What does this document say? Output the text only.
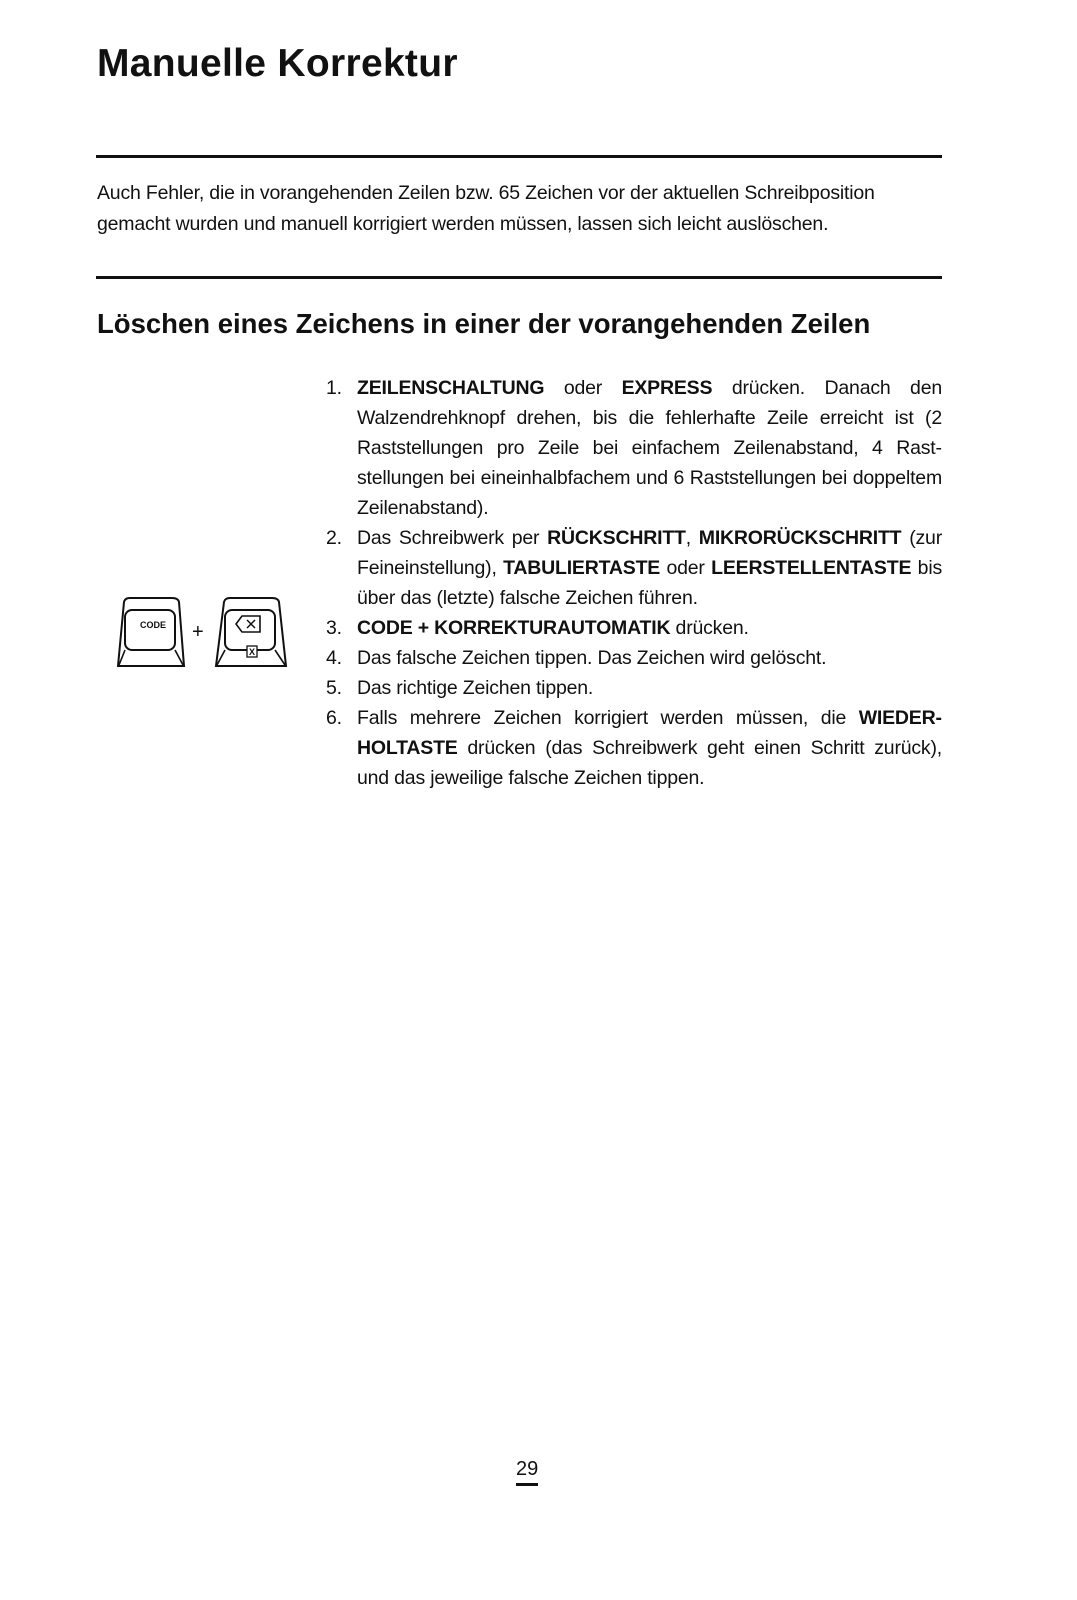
Manuelle Korrektur

Auch Fehler, die in vorangehenden Zeilen bzw. 65 Zeichen vor der aktuellen Schreibposition gemacht wurden und manuell korrigiert werden müssen, lassen sich leicht auslöschen.

Löschen eines Zeichens in einer der vorangehenden Zeilen
CODE +
X
1. ZEILENSCHALTUNG oder EXPRESS drücken. Danach den Walzendrehknopf drehen, bis die fehlerhafte Zeile erreicht ist (2 Raststellungen pro Zeile bei einfachem Zeilenabstand, 4 Raststellungen bei eineinhalbfachem und 6 Raststellungen bei doppeltem Zeilenabstand).
2. Das Schreibwerk per RÜCKSCHRITT, MIKRORÜCKSCHRITT (zur Feineinstellung), TABULIERTASTE oder LEERSTELLENTASTE bis über das (letzte) falsche Zeichen führen.
3. CODE + KORREKTURAUTOMATIK drücken.
4. Das falsche Zeichen tippen. Das Zeichen wird gelöscht.
5. Das richtige Zeichen tippen.
6. Falls mehrere Zeichen korrigiert werden müssen, die WIEDERHOLTASTE drücken (das Schreibwerk geht einen Schritt zurück), und das jeweilige falsche Zeichen tippen.
29
